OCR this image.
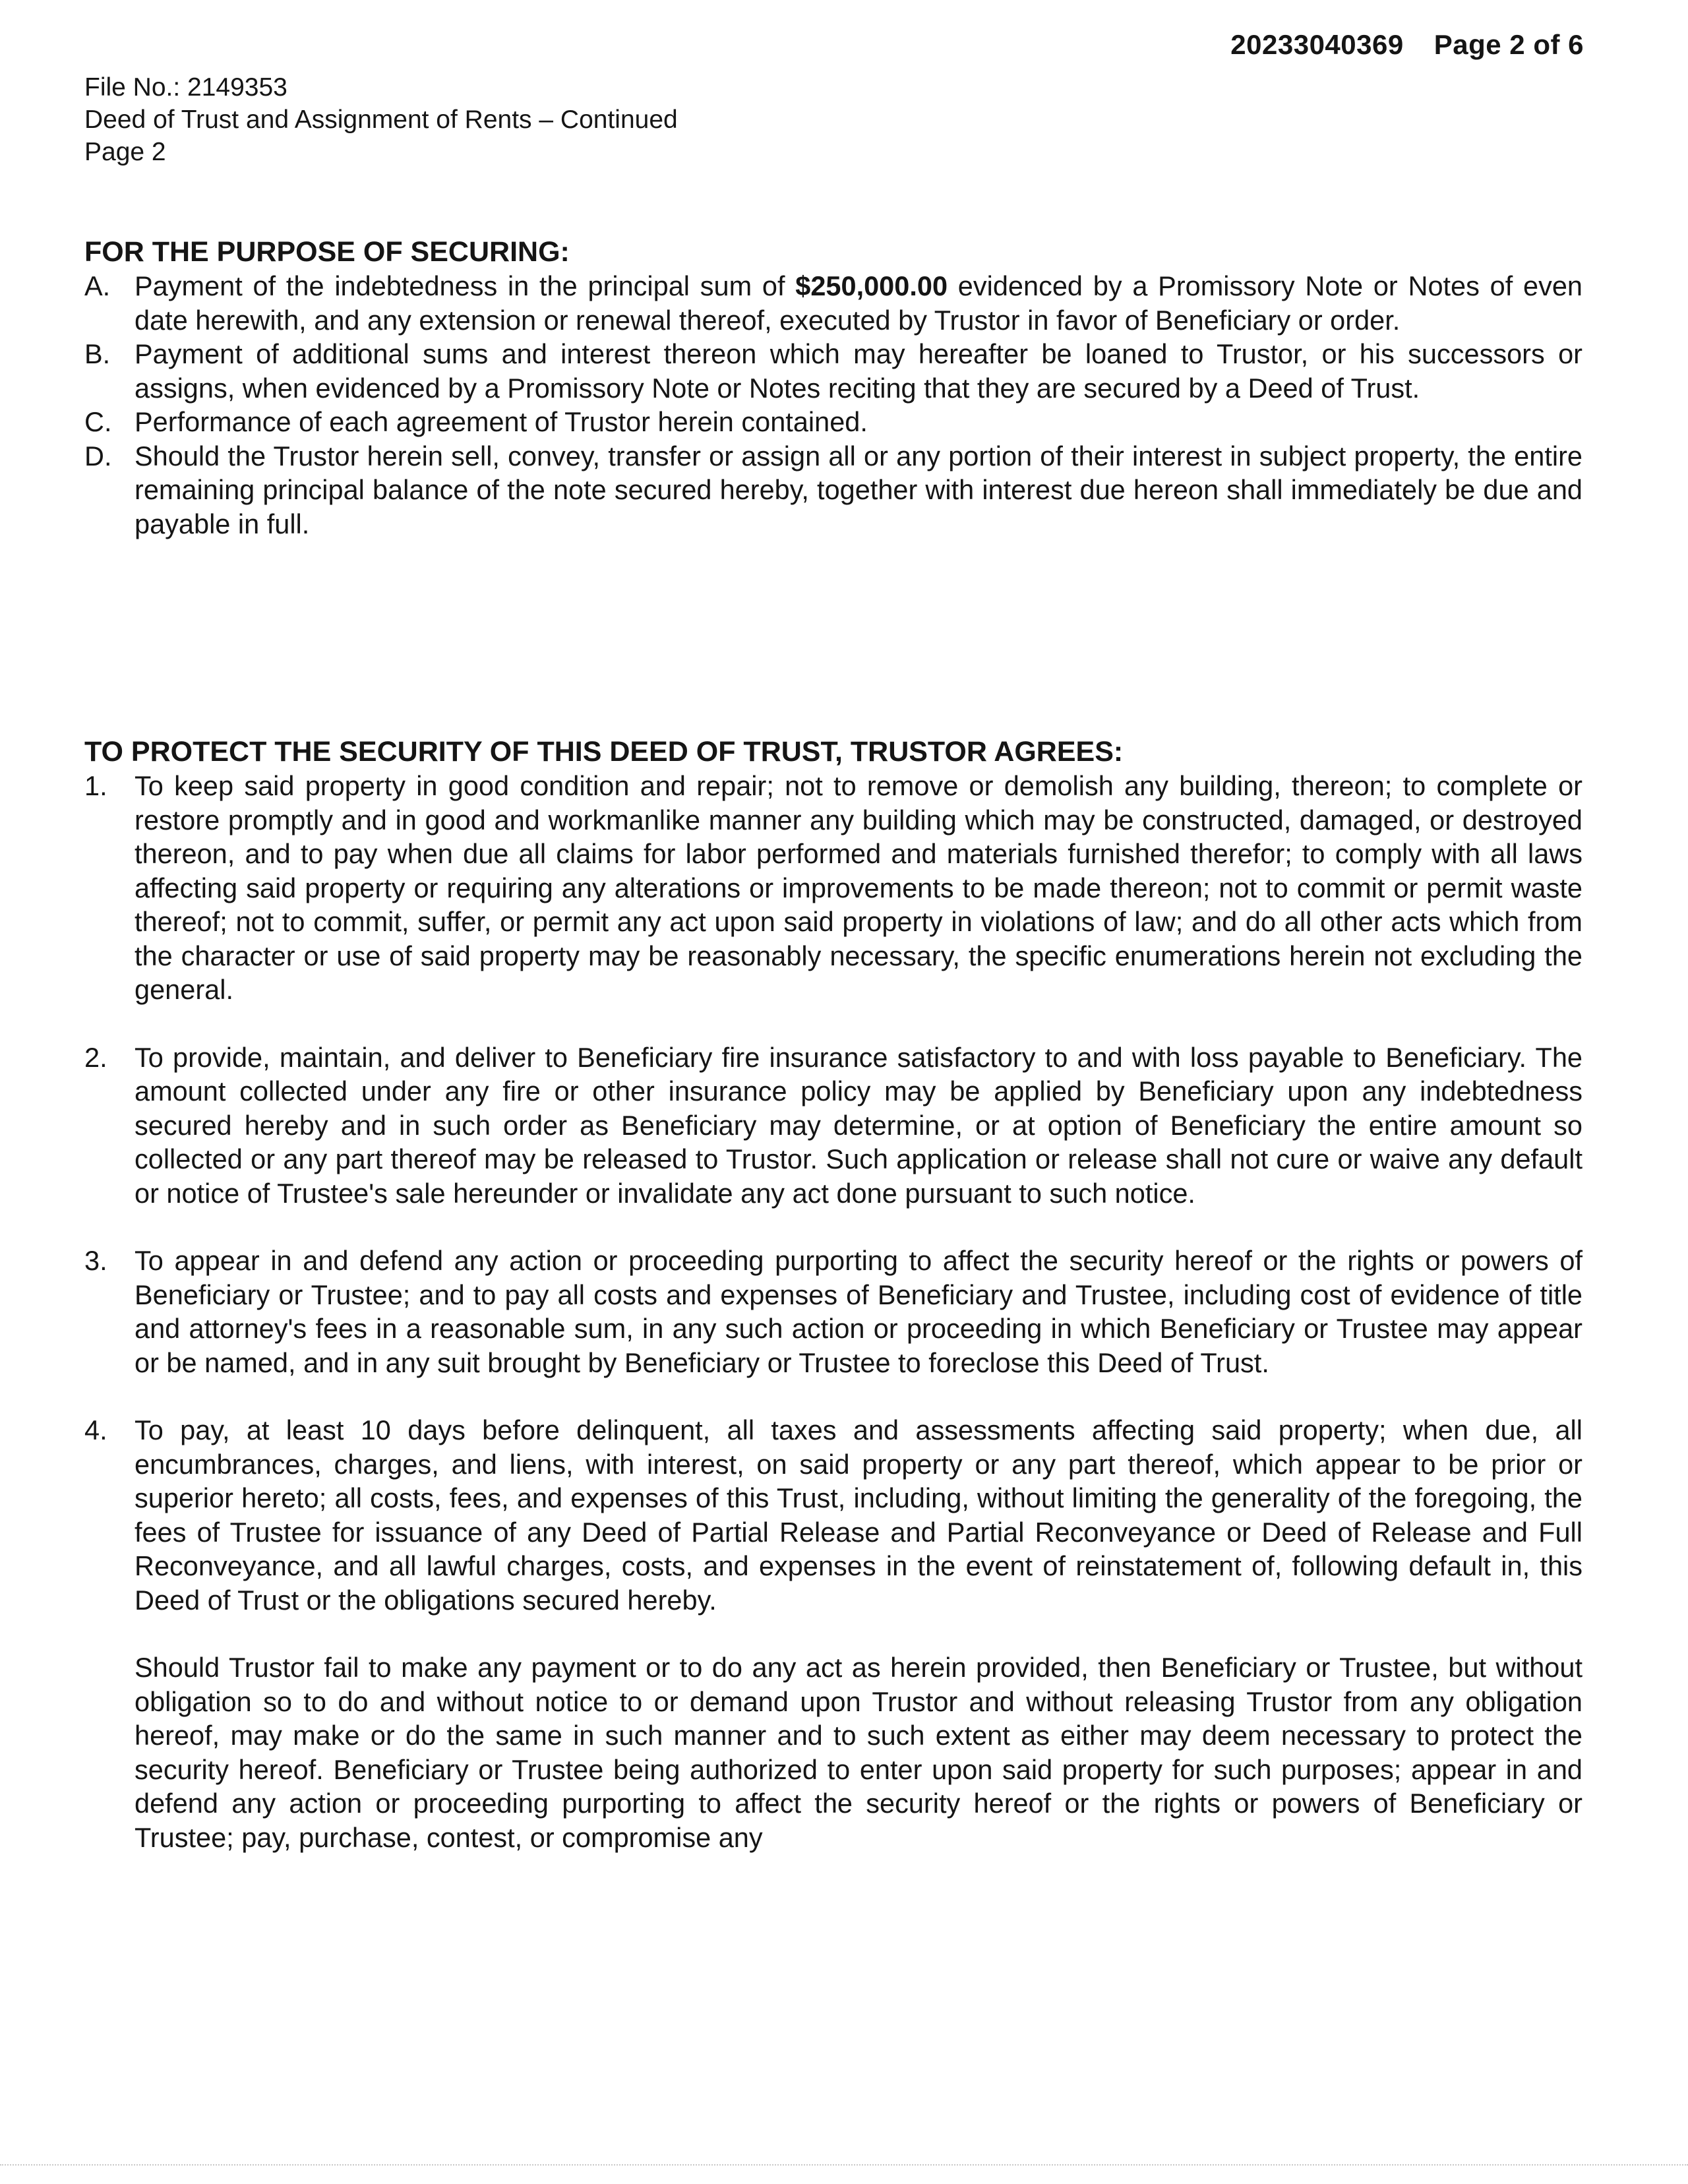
20233040369 Page 2 of 6
File No.: 2149353
Deed of Trust and Assignment of Rents – Continued
Page 2
FOR THE PURPOSE OF SECURING:
A. Payment of the indebtedness in the principal sum of $250,000.00 evidenced by a Promissory Note or Notes of even date herewith, and any extension or renewal thereof, executed by Trustor in favor of Beneficiary or order.
B. Payment of additional sums and interest thereon which may hereafter be loaned to Trustor, or his successors or assigns, when evidenced by a Promissory Note or Notes reciting that they are secured by a Deed of Trust.
C. Performance of each agreement of Trustor herein contained.
D. Should the Trustor herein sell, convey, transfer or assign all or any portion of their interest in subject property, the entire remaining principal balance of the note secured hereby, together with interest due hereon shall immediately be due and payable in full.
TO PROTECT THE SECURITY OF THIS DEED OF TRUST, TRUSTOR AGREES:
1. To keep said property in good condition and repair; not to remove or demolish any building, thereon; to complete or restore promptly and in good and workmanlike manner any building which may be constructed, damaged, or destroyed thereon, and to pay when due all claims for labor performed and materials furnished therefor; to comply with all laws affecting said property or requiring any alterations or improvements to be made thereon; not to commit or permit waste thereof; not to commit, suffer, or permit any act upon said property in violations of law; and do all other acts which from the character or use of said property may be reasonably necessary, the specific enumerations herein not excluding the general.
2. To provide, maintain, and deliver to Beneficiary fire insurance satisfactory to and with loss payable to Beneficiary. The amount collected under any fire or other insurance policy may be applied by Beneficiary upon any indebtedness secured hereby and in such order as Beneficiary may determine, or at option of Beneficiary the entire amount so collected or any part thereof may be released to Trustor. Such application or release shall not cure or waive any default or notice of Trustee's sale hereunder or invalidate any act done pursuant to such notice.
3. To appear in and defend any action or proceeding purporting to affect the security hereof or the rights or powers of Beneficiary or Trustee; and to pay all costs and expenses of Beneficiary and Trustee, including cost of evidence of title and attorney's fees in a reasonable sum, in any such action or proceeding in which Beneficiary or Trustee may appear or be named, and in any suit brought by Beneficiary or Trustee to foreclose this Deed of Trust.
4. To pay, at least 10 days before delinquent, all taxes and assessments affecting said property; when due, all encumbrances, charges, and liens, with interest, on said property or any part thereof, which appear to be prior or superior hereto; all costs, fees, and expenses of this Trust, including, without limiting the generality of the foregoing, the fees of Trustee for issuance of any Deed of Partial Release and Partial Reconveyance or Deed of Release and Full Reconveyance, and all lawful charges, costs, and expenses in the event of reinstatement of, following default in, this Deed of Trust or the obligations secured hereby.
Should Trustor fail to make any payment or to do any act as herein provided, then Beneficiary or Trustee, but without obligation so to do and without notice to or demand upon Trustor and without releasing Trustor from any obligation hereof, may make or do the same in such manner and to such extent as either may deem necessary to protect the security hereof. Beneficiary or Trustee being authorized to enter upon said property for such purposes; appear in and defend any action or proceeding purporting to affect the security hereof or the rights or powers of Beneficiary or Trustee; pay, purchase, contest, or compromise any
